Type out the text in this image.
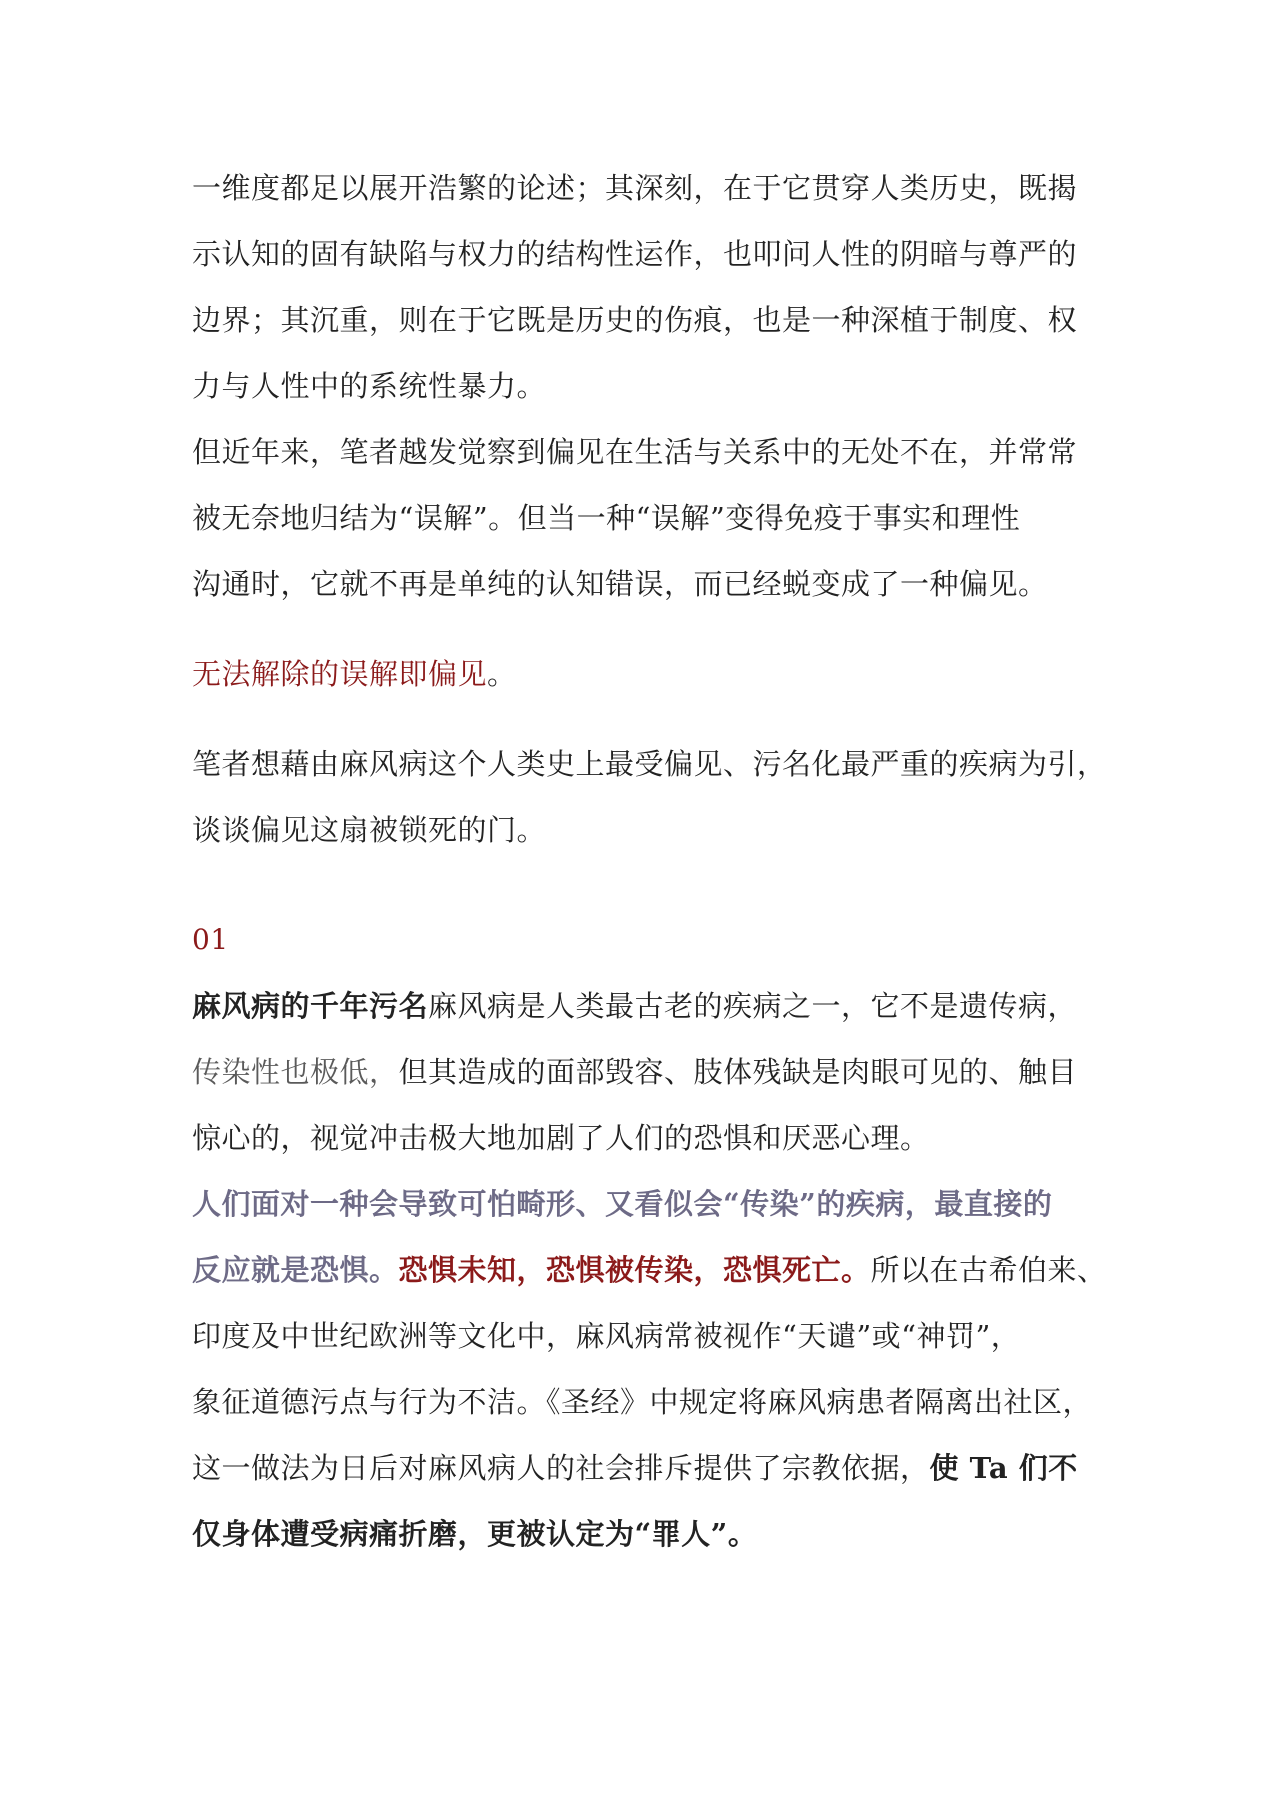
一维度都足以展开浩繁的论述；其深刻，在于它贯穿人类历史，既揭
示认知的固有缺陷与权力的结构性运作，也叩问人性的阴暗与尊严的
边界；其沉重，则在于它既是历史的伤痕，也是一种深植于制度、权
力与人性中的系统性暴力。
但近年来，笔者越发觉察到偏见在生活与关系中的无处不在，并常常
被无奈地归结为“误解”。但当一种“误解”变得免疫于事实和理性
沟通时，它就不再是单纯的认知错误，而已经蜕变成了一种偏见。
无法解除的误解即偏见。
笔者想藉由麻风病这个人类史上最受偏见、污名化最严重的疾病为引，
谈谈偏见这扇被锁死的门。
01
麻风病的千年污名麻风病是人类最古老的疾病之一，它不是遗传病，
传染性也极低，但其造成的面部毁容、肢体残缺是肉眼可见的、触目
惊心的，视觉冲击极大地加剧了人们的恐惧和厌恶心理。
人们面对一种会导致可怕畸形、又看似会“传染”的疾病，最直接的
反应就是恐惧。恐惧未知，恐惧被传染，恐惧死亡。所以在古希伯来、
印度及中世纪欧洲等文化中，麻风病常被视作“天谴”或“神罚”，
象征道德污点与行为不洁。《圣经》中规定将麻风病患者隔离出社区，
这一做法为日后对麻风病人的社会排斥提供了宗教依据，使 Ta 们不
仅身体遭受病痛折磨，更被认定为“罪人”。
